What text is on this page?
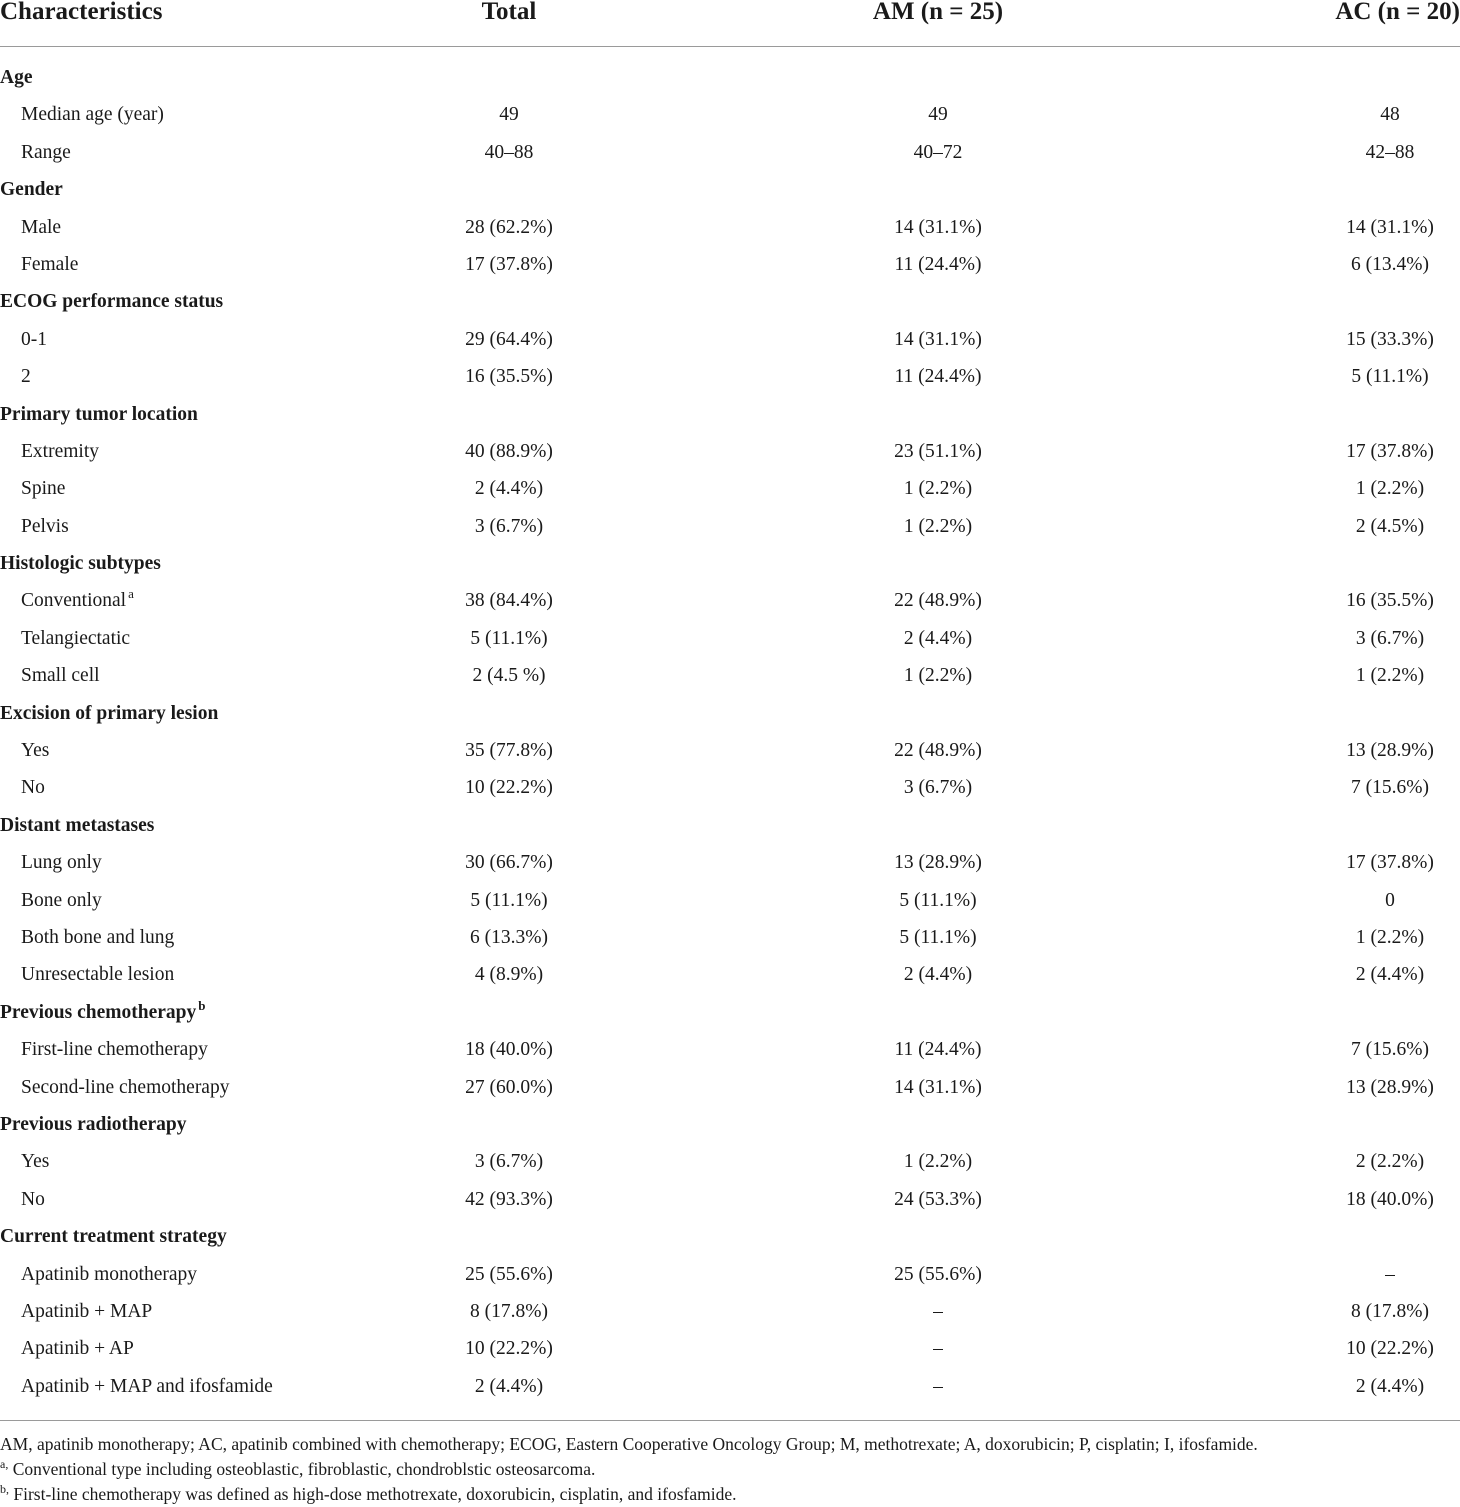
Characteristics	Total	AM (n = 25)	AC (n = 20)
Age
Median age (year)	49	49	48
Range	40–88	40–72	42–88
Gender
Male	28 (62.2%)	14 (31.1%)	14 (31.1%)
Female	17 (37.8%)	11 (24.4%)	6 (13.4%)
ECOG performance status
0-1	29 (64.4%)	14 (31.1%)	15 (33.3%)
2	16 (35.5%)	11 (24.4%)	5 (11.1%)
Primary tumor location
Extremity	40 (88.9%)	23 (51.1%)	17 (37.8%)
Spine	2 (4.4%)	1 (2.2%)	1 (2.2%)
Pelvis	3 (6.7%)	1 (2.2%)	2 (4.5%)
Histologic subtypes
Conventional $^a$	38 (84.4%)	22 (48.9%)	16 (35.5%)
Telangiectatic	5 (11.1%)	2 (4.4%)	3 (6.7%)
Small cell	2 (4.5 %)	1 (2.2%)	1 (2.2%)
Excision of primary lesion
Yes	35 (77.8%)	22 (48.9%)	13 (28.9%)
No	10 (22.2%)	3 (6.7%)	7 (15.6%)
Distant metastases
Lung only	30 (66.7%)	13 (28.9%)	17 (37.8%)
Bone only	5 (11.1%)	5 (11.1%)	0
Both bone and lung	6 (13.3%)	5 (11.1%)	1 (2.2%)
Unresectable lesion	4 (8.9%)	2 (4.4%)	2 (4.4%)
Previous chemotherapy $^b$
First-line chemotherapy	18 (40.0%)	11 (24.4%)	7 (15.6%)
Second-line chemotherapy	27 (60.0%)	14 (31.1%)	13 (28.9%)
Previous radiotherapy
Yes	3 (6.7%)	1 (2.2%)	2 (2.2%)
No	42 (93.3%)	24 (53.3%)	18 (40.0%)
Current treatment strategy
Apatinib monotherapy	25 (55.6%)	25 (55.6%)	–
Apatinib + MAP	8 (17.8%)	–	8 (17.8%)
Apatinib + AP	10 (22.2%)	–	10 (22.2%)
Apatinib + MAP and ifosfamide	2 (4.4%)	–	2 (4.4%)
AM, apatinib monotherapy; AC, apatinib combined with chemotherapy; ECOG, Eastern Cooperative Oncology Group; M, methotrexate; A, doxorubicin; P, cisplatin; I, ifosfamide.
$^{a,}$ Conventional type including osteoblastic, fibroblastic, chondroblstic osteosarcoma.
$^{b,}$ First-line chemotherapy was defined as high-dose methotrexate, doxorubicin, cisplatin, and ifosfamide.
